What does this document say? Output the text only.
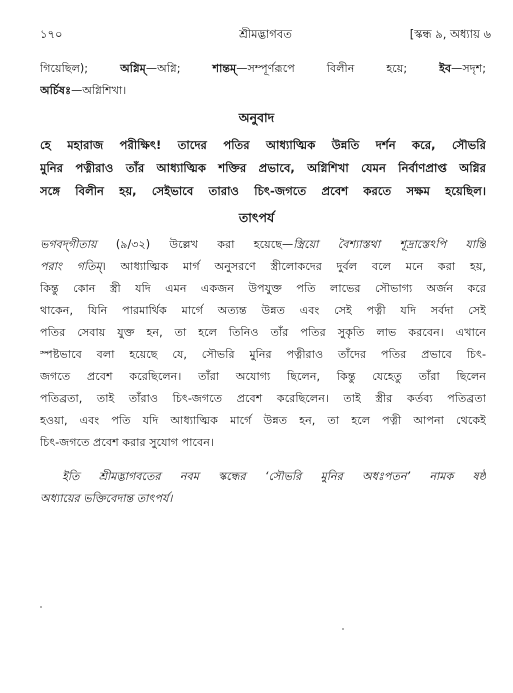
১৭০	শ্রীমদ্ভাগবত	[স্কন্ধ ৯, অধ্যায় ৬
গিয়েছিল); অগ্নিম্—অগ্নি; শান্তম্—সম্পূর্ণরূপে বিলীন হয়ে; ইব—সদৃশ;
অর্চিষঃ—অগ্নিশিখা।
অনুবাদ
হে মহারাজ পরীক্ষিৎ! তাদের পতির আধ্যাত্মিক উন্নতি দর্শন করে, সৌভরি
মুনির পত্নীরাও তাঁর আধ্যাত্মিক শক্তির প্রভাবে, অগ্নিশিখা যেমন নির্বাণপ্রাপ্ত অগ্নির
সঙ্গে বিলীন হয়, সেইভাবে তারাও চিৎ-জগতে প্রবেশ করতে সক্ষম হয়েছিল।
তাৎপর্য
ভগবদ্‌গীতায় (৯/৩২) উল্লেখ করা হয়েছে—স্ত্রিয়ো বৈশ্যাস্তথা শূদ্রাস্তেঽপি যান্তি
পরাং গতিম্। আধ্যাত্মিক মার্গ অনুসরণে স্ত্রীলোকদের দুর্বল বলে মনে করা হয়,
কিন্তু কোন স্ত্রী যদি এমন একজন উপযুক্ত পতি লাভের সৌভাগ্য অর্জন করে
থাকেন, যিনি পারমার্থিক মার্গে অত্যন্ত উন্নত এবং সেই পত্নী যদি সর্বদা সেই
পতির সেবায় যুক্ত হন, তা হলে তিনিও তাঁর পতির সুকৃতি লাভ করবেন। এখানে
স্পষ্টভাবে বলা হয়েছে যে, সৌভরি মুনির পত্নীরাও তাঁদের পতির প্রভাবে চিৎ-
জগতে প্রবেশ করেছিলেন। তাঁরা অযোগ্য ছিলেন, কিন্তু যেহেতু তাঁরা ছিলেন
পতিব্রতা, তাই তাঁরাও চিৎ-জগতে প্রবেশ করেছিলেন। তাই স্ত্রীর কর্তব্য পতিব্রতা
হওয়া, এবং পতি যদি আধ্যাত্মিক মার্গে উন্নত হন, তা হলে পত্নী আপনা থেকেই
চিৎ-জগতে প্রবেশ করার সুযোগ পাবেন।
ইতি শ্রীমদ্ভাগবতের নবম স্কন্ধের ‘সৌভরি মুনির অধঃপতন’ নামক ষষ্ঠ
অধ্যায়ের ভক্তিবেদান্ত তাৎপর্য।
